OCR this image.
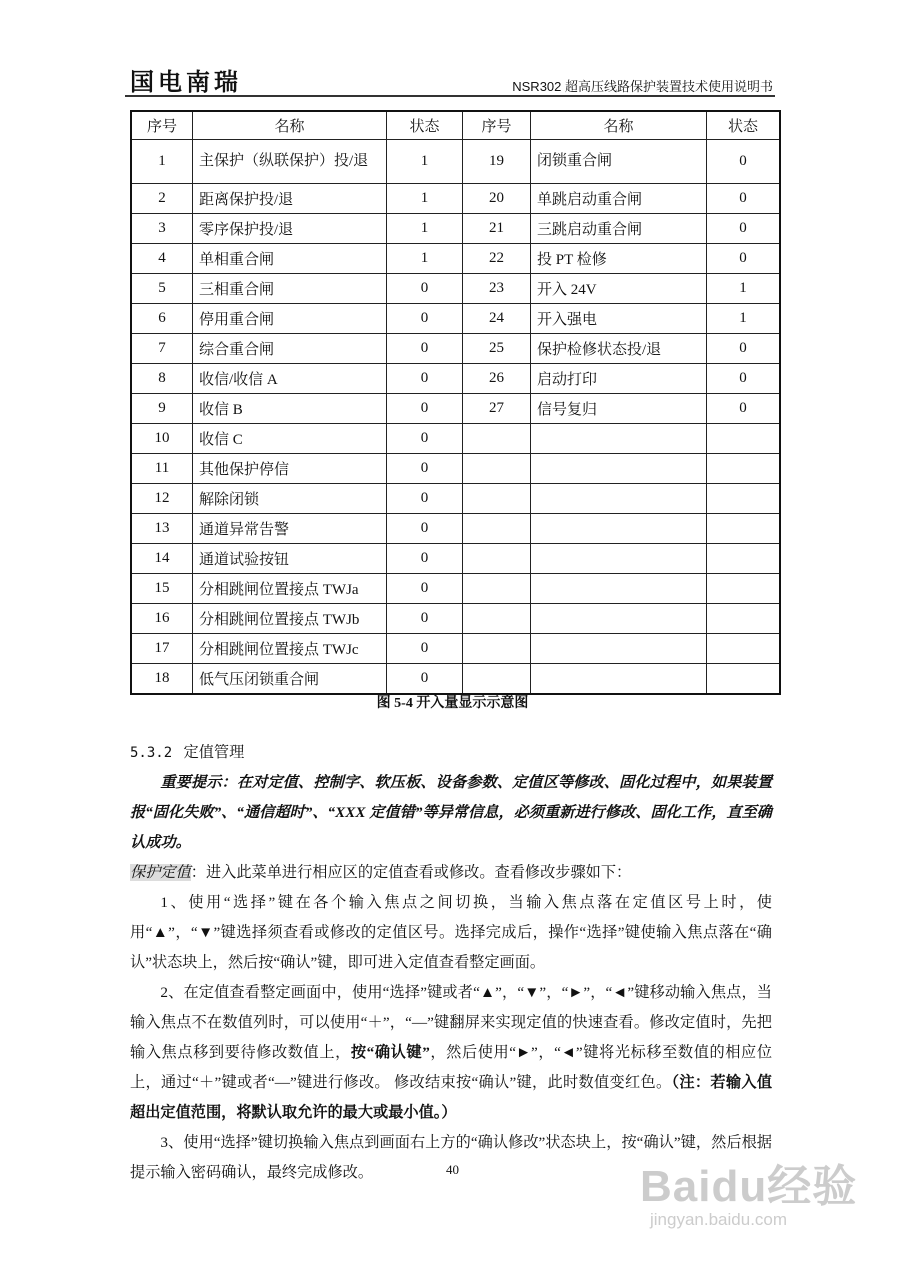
国电南瑞	NSR302 超高压线路保护装置技术使用说明书
序号	名称	状态	序号	名称	状态
1	主保护（纵联保护）投/退	1	19	闭锁重合闸	0
2	距离保护投/退	1	20	单跳启动重合闸	0
3	零序保护投/退	1	21	三跳启动重合闸	0
4	单相重合闸	1	22	投 PT 检修	0
5	三相重合闸	0	23	开入 24V	1
6	停用重合闸	0	24	开入强电	1
7	综合重合闸	0	25	保护检修状态投/退	0
8	收信/收信 A	0	26	启动打印	0
9	收信 B	0	27	信号复归	0
10	收信 C	0			
11	其他保护停信	0			
12	解除闭锁	0			
13	通道异常告警	0			
14	通道试验按钮	0			
15	分相跳闸位置接点 TWJa	0			
16	分相跳闸位置接点 TWJb	0			
17	分相跳闸位置接点 TWJc	0			
18	低气压闭锁重合闸	0			
图 5-4 开入量显示示意图

5.3.2 定值管理

重要提示：在对定值、控制字、软压板、设备参数、定值区等修改、固化过程中，如果装置报“固化失败”、“通信超时”、“XXX 定值错”等异常信息，必须重新进行修改、固化工作，直至确认成功。

保护定值：进入此菜单进行相应区的定值查看或修改。查看修改步骤如下：

1、使用“选择”键在各个输入焦点之间切换，当输入焦点落在定值区号上时，使用“▲”，“▼”键选择须查看或修改的定值区号。选择完成后，操作“选择”键使输入焦点落在“确认”状态块上，然后按“确认”键，即可进入定值查看整定画面。

2、在定值查看整定画面中，使用“选择”键或者“▲”，“▼”，“►”，“◄”键移动输入焦点，当输入焦点不在数值列时，可以使用“＋”，“—”键翻屏来实现定值的快速查看。修改定值时，先把输入焦点移到要待修改数值上，按“确认键”，然后使用“►”，“◄”键将光标移至数值的相应位上，通过“＋”键或者“—”键进行修改。 修改结束按“确认”键，此时数值变红色。（注：若输入值超出定值范围，将默认取允许的最大或最小值。）

3、使用“选择”键切换输入焦点到画面右上方的“确认修改”状态块上，按“确认”键，然后根据提示输入密码确认，最终完成修改。	40	Baidu经验
jingyan.baidu.com
